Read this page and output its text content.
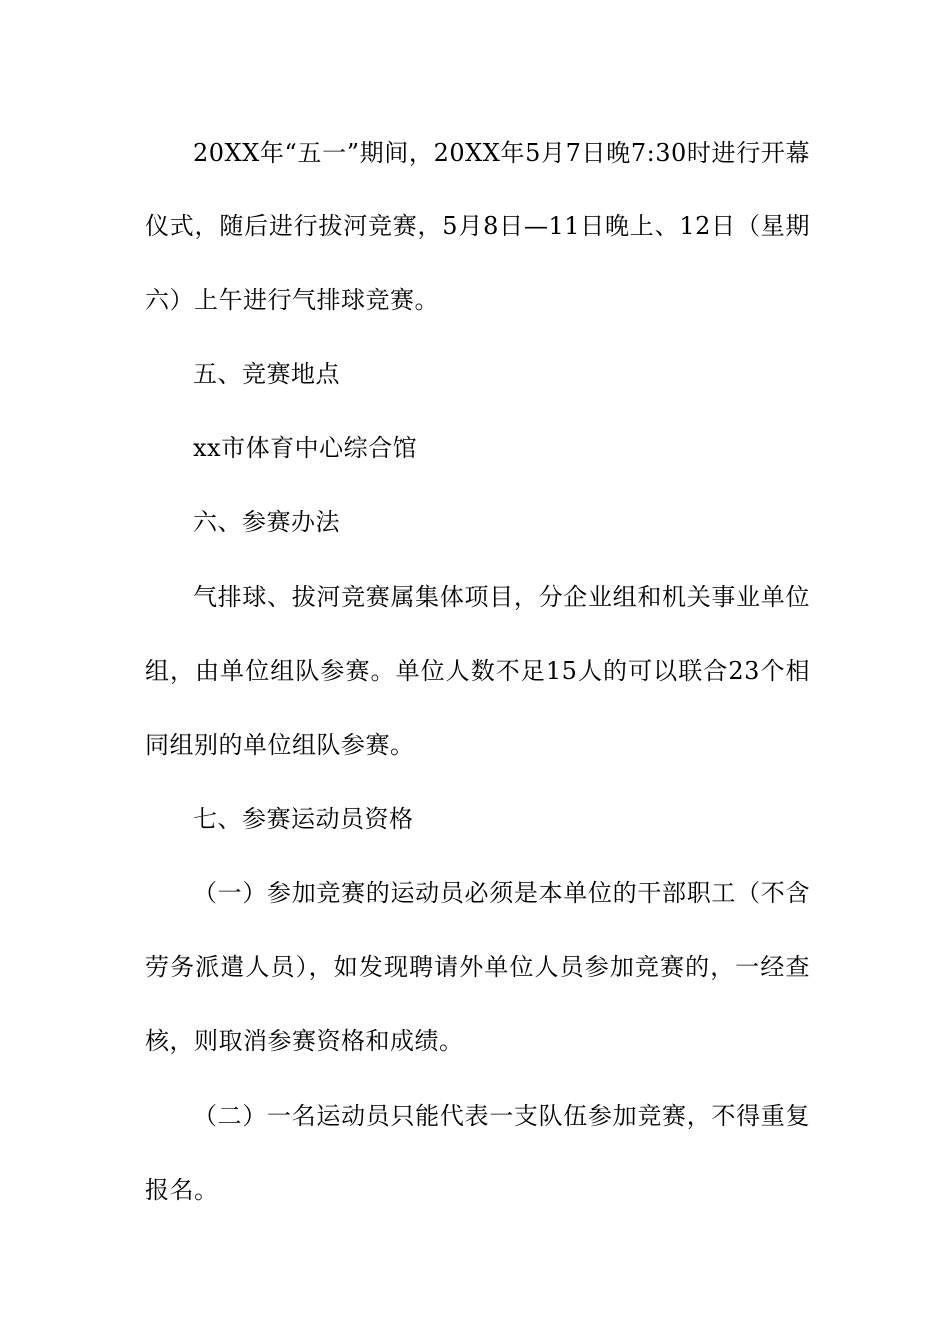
20XX年“五一”期间，20XX年5月7日晚7:30时进行开幕
仪式，随后进行拔河竞赛，5月8日—11日晚上、12日（星期
六）上午进行气排球竞赛。
五、竞赛地点
xx市体育中心综合馆
六、参赛办法
气排球、拔河竞赛属集体项目，分企业组和机关事业单位
组，由单位组队参赛。单位人数不足15人的可以联合23个相
同组别的单位组队参赛。
七、参赛运动员资格
（一）参加竞赛的运动员必须是本单位的干部职工（不含
劳务派遣人员），如发现聘请外单位人员参加竞赛的，一经查
核，则取消参赛资格和成绩。
（二）一名运动员只能代表一支队伍参加竞赛，不得重复
报名。
